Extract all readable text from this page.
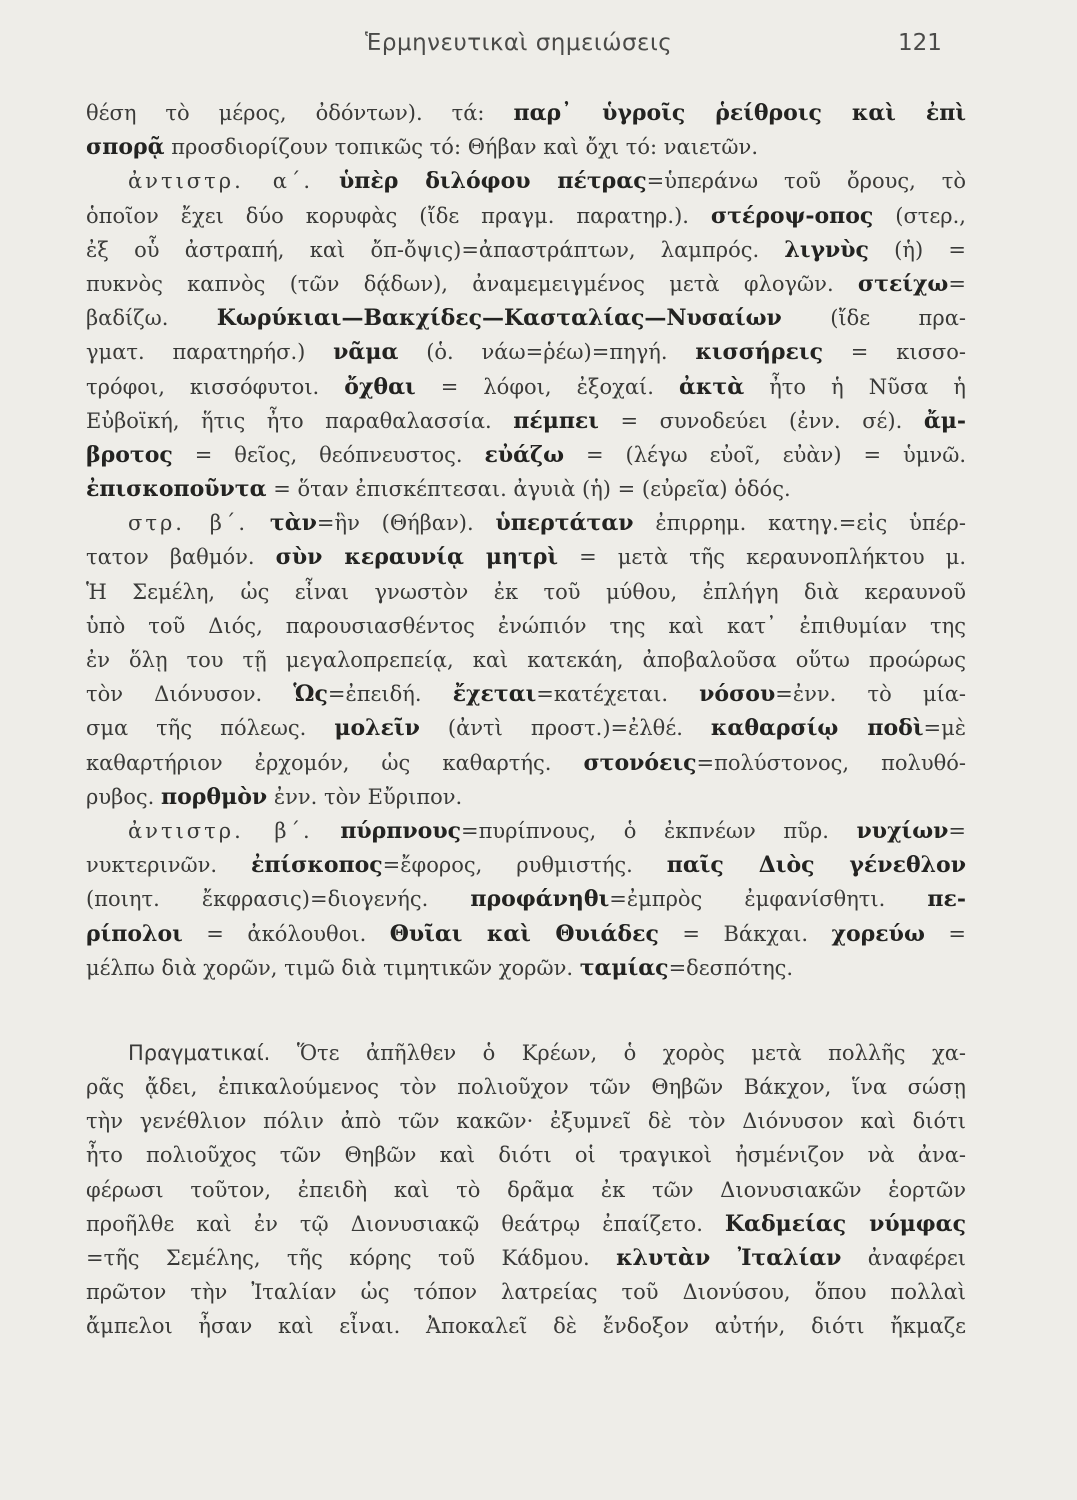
Ἑρμηνευτικαὶ σημειώσεις	121
θέση τὸ μέρος, ὀδόντων). τά: παρ᾽ ὑγροῖς ῥείθροις καὶ ἐπὶ
σπορᾷ προσδιορίζουν τοπικῶς τό: Θήβαν καὶ ὄχι τό: ναιετῶν.
ἀντιστρ. α΄. ὑπὲρ διλόφου πέτρας=ὑπεράνω τοῦ ὄρους, τὸ
ὁποῖον ἔχει δύο κορυφὰς (ἴδε πραγμ. παρατηρ.). στέροψ-οπος (στερ.,
ἐξ οὗ ἀστραπή, καὶ ὄπ-ὄψις)=ἀπαστράπτων, λαμπρός. λιγνὺς (ἡ) =
πυκνὸς καπνὸς (τῶν δᾴδων), ἀναμεμειγμένος μετὰ φλογῶν. στείχω=
βαδίζω. Κωρύκιαι—Βακχίδες—Κασταλίας—Νυσαίων (ἴδε πρα-
γματ. παρατηρήσ.) νᾶμα (ὁ. νάω=ῥέω)=πηγή. κισσήρεις = κισσο-
τρόφοι, κισσόφυτοι. ὄχθαι = λόφοι, ἐξοχαί. ἀκτὰ ἦτο ἡ Νῦσα ἡ
Εὐβοϊκή, ἥτις ἦτο παραθαλασσία. πέμπει = συνοδεύει (ἐνν. σέ). ἄμ-
βροτος = θεῖος, θεόπνευστος. εὐάζω = (λέγω εὐοῖ, εὐὰν) = ὑμνῶ.
ἐπισκοποῦντα = ὅταν ἐπισκέπτεσαι. ἀγυιὰ (ἡ) = (εὐρεῖα) ὁδός.
στρ. β΄. τὰν=ἣν (Θήβαν). ὑπερτάταν ἐπιρρημ. κατηγ.=εἰς ὑπέρ-
τατον βαθμόν. σὺν κεραυνίᾳ μητρὶ = μετὰ τῆς κεραυνοπλήκτου μ.
Ἡ Σεμέλη, ὡς εἶναι γνωστὸν ἐκ τοῦ μύθου, ἐπλήγη διὰ κεραυνοῦ
ὑπὸ τοῦ Διός, παρουσιασθέντος ἐνώπιόν της καὶ κατ᾽ ἐπιθυμίαν της
ἐν ὅλῃ του τῇ μεγαλοπρεπείᾳ, καὶ κατεκάη, ἀποβαλοῦσα οὕτω προώρως
τὸν Διόνυσον. Ὡς=ἐπειδή. ἔχεται=κατέχεται. νόσου=ἐνν. τὸ μία-
σμα τῆς πόλεως. μολεῖν (ἀντὶ προστ.)=ἐλθέ. καθαρσίῳ ποδὶ=μὲ
καθαρτήριον ἐρχομόν, ὡς καθαρτής. στονόεις=πολύστονος, πολυθό-
ρυβος. πορθμὸν ἐνν. τὸν Εὔριπον.
ἀντιστρ. β΄. πύρπνους=πυρίπνους, ὁ ἐκπνέων πῦρ. νυχίων=
νυκτερινῶν. ἐπίσκοπος=ἔφορος, ρυθμιστής. παῖς Διὸς γένεθλον
(ποιητ. ἔκφρασις)=διογενής. προφάνηθι=ἐμπρὸς ἐμφανίσθητι. πε-
ρίπολοι = ἀκόλουθοι. Θυῖαι καὶ Θυιάδες = Βάκχαι. χορεύω =
μέλπω διὰ χορῶν, τιμῶ διὰ τιμητικῶν χορῶν. ταμίας=δεσπότης.
Πραγματικαί. Ὅτε ἀπῆλθεν ὁ Κρέων, ὁ χορὸς μετὰ πολλῆς χα-
ρᾶς ᾄδει, ἐπικαλούμενος τὸν πολιοῦχον τῶν Θηβῶν Βάκχον, ἵνα σώσῃ
τὴν γενέθλιον πόλιν ἀπὸ τῶν κακῶν· ἐξυμνεῖ δὲ τὸν Διόνυσον καὶ διότι
ἦτο πολιοῦχος τῶν Θηβῶν καὶ διότι οἱ τραγικοὶ ἠσμένιζον νὰ ἀνα-
φέρωσι τοῦτον, ἐπειδὴ καὶ τὸ δρᾶμα ἐκ τῶν Διονυσιακῶν ἑορτῶν
προῆλθε καὶ ἐν τῷ Διονυσιακῷ θεάτρῳ ἐπαίζετο. Καδμείας νύμφας
=τῆς Σεμέλης, τῆς κόρης τοῦ Κάδμου. κλυτὰν Ἰταλίαν ἀναφέρει
πρῶτον τὴν Ἰταλίαν ὡς τόπον λατρείας τοῦ Διονύσου, ὅπου πολλαὶ
ἄμπελοι ἦσαν καὶ εἶναι. Ἀποκαλεῖ δὲ ἔνδοξον αὐτήν, διότι ἤκμαζε
